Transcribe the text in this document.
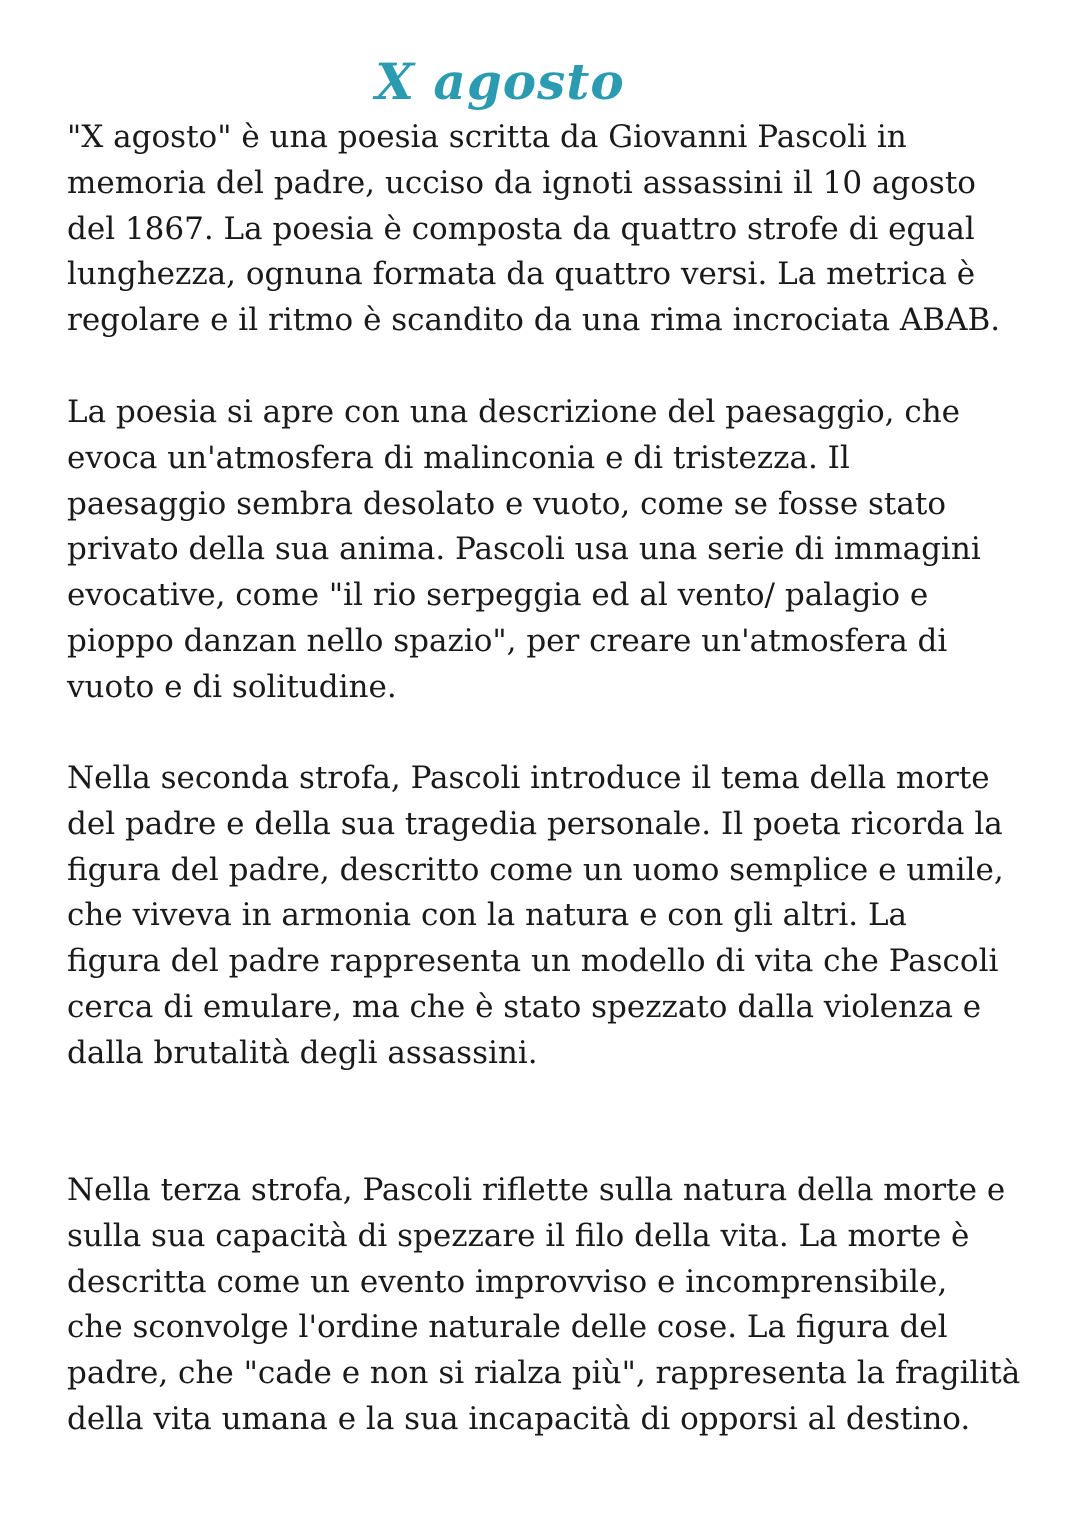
X agosto

"X agosto" è una poesia scritta da Giovanni Pascoli in
memoria del padre, ucciso da ignoti assassini il 10 agosto
del 1867. La poesia è composta da quattro strofe di egual
lunghezza, ognuna formata da quattro versi. La metrica è
regolare e il ritmo è scandito da una rima incrociata ABAB.

La poesia si apre con una descrizione del paesaggio, che
evoca un'atmosfera di malinconia e di tristezza. Il
paesaggio sembra desolato e vuoto, come se fosse stato
privato della sua anima. Pascoli usa una serie di immagini
evocative, come "il rio serpeggia ed al vento/ palagio e
pioppo danzan nello spazio", per creare un'atmosfera di
vuoto e di solitudine.

Nella seconda strofa, Pascoli introduce il tema della morte
del padre e della sua tragedia personale. Il poeta ricorda la
figura del padre, descritto come un uomo semplice e umile,
che viveva in armonia con la natura e con gli altri. La
figura del padre rappresenta un modello di vita che Pascoli
cerca di emulare, ma che è stato spezzato dalla violenza e
dalla brutalità degli assassini.

Nella terza strofa, Pascoli riflette sulla natura della morte e
sulla sua capacità di spezzare il filo della vita. La morte è
descritta come un evento improvviso e incomprensibile,
che sconvolge l'ordine naturale delle cose. La figura del
padre, che "cade e non si rialza più", rappresenta la fragilità
della vita umana e la sua incapacità di opporsi al destino.
